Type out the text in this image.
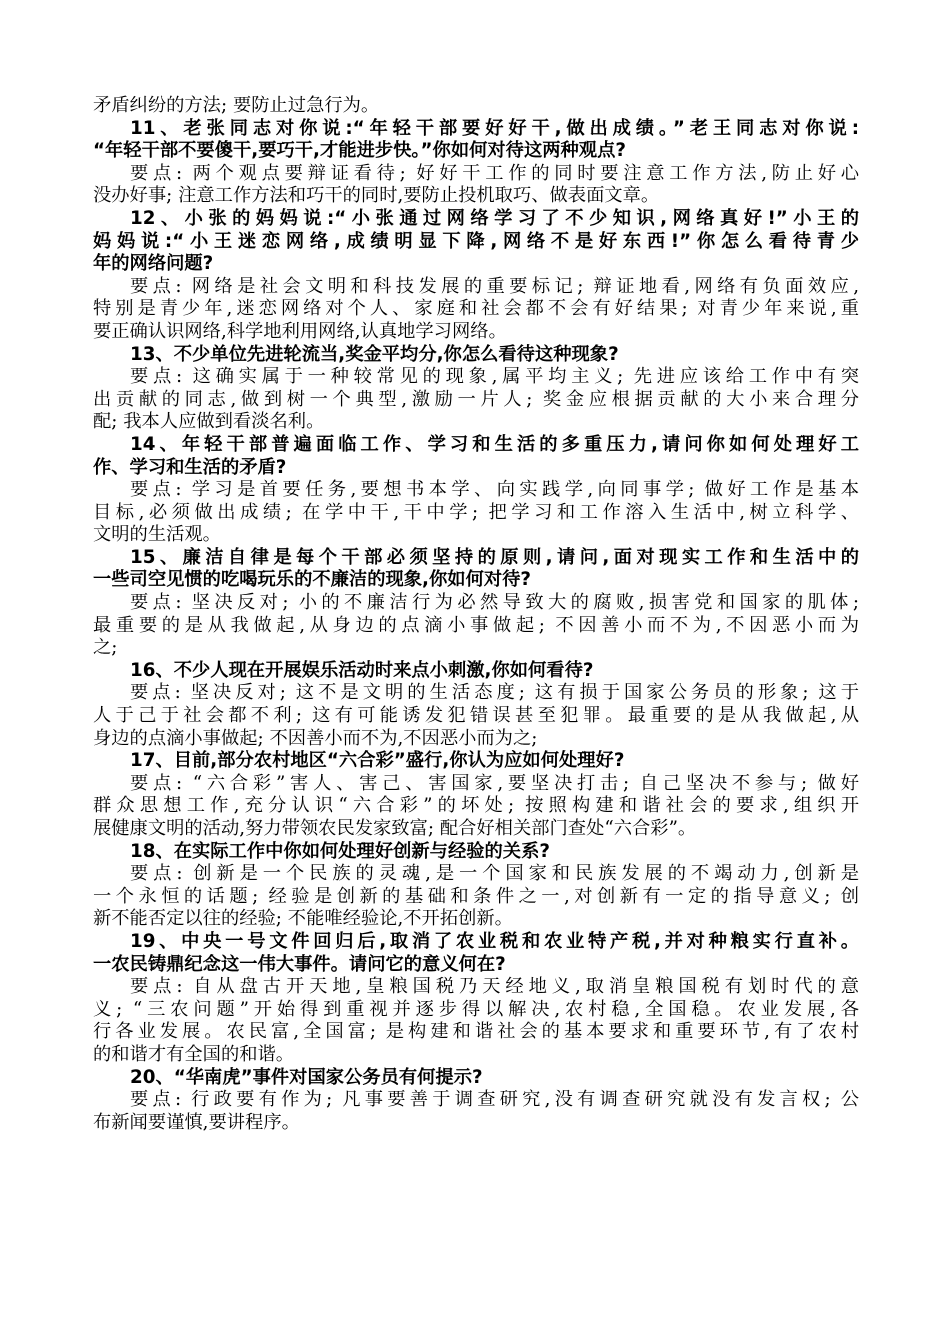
矛盾纠纷的方法; 要防止过急行为。
11、老张同志对你说:“年轻干部要好好干,做出成绩。”老王同志对你说:
“年轻干部不要傻干,要巧干,才能进步快。”你如何对待这两种观点?
要点: 两个观点要辩证看待; 好好干工作的同时要注意工作方法,防止好心
没办好事; 注意工作方法和巧干的同时,要防止投机取巧、做表面文章。
12、小张的妈妈说:“小张通过网络学习了不少知识,网络真好!”小王的
妈妈说:“小王迷恋网络,成绩明显下降,网络不是好东西!”你怎么看待青少
年的网络问题?
要点: 网络是社会文明和科技发展的重要标记; 辩证地看,网络有负面效应,
特别是青少年,迷恋网络对个人、家庭和社会都不会有好结果; 对青少年来说,重
要正确认识网络,科学地利用网络,认真地学习网络。
13、不少单位先进轮流当,奖金平均分,你怎么看待这种现象?
要点: 这确实属于一种较常见的现象,属平均主义; 先进应该给工作中有突
出贡献的同志,做到树一个典型,激励一片人; 奖金应根据贡献的大小来合理分
配; 我本人应做到看淡名利。
14、年轻干部普遍面临工作、学习和生活的多重压力,请问你如何处理好工
作、学习和生活的矛盾?
要点: 学习是首要任务,要想书本学、向实践学,向同事学; 做好工作是基本
目标,必须做出成绩; 在学中干,干中学; 把学习和工作溶入生活中,树立科学、
文明的生活观。
15、廉洁自律是每个干部必须坚持的原则,请问,面对现实工作和生活中的
一些司空见惯的吃喝玩乐的不廉洁的现象,你如何对待?
要点: 坚决反对; 小的不廉洁行为必然导致大的腐败,损害党和国家的肌体;
最重要的是从我做起,从身边的点滴小事做起; 不因善小而不为,不因恶小而为
之;
16、不少人现在开展娱乐活动时来点小刺激,你如何看待?
要点: 坚决反对; 这不是文明的生活态度; 这有损于国家公务员的形象; 这于
人于己于社会都不利; 这有可能诱发犯错误甚至犯罪。最重要的是从我做起,从
身边的点滴小事做起; 不因善小而不为,不因恶小而为之;
17、目前,部分农村地区“六合彩”盛行,你认为应如何处理好?
要点: “六合彩”害人、害己、害国家,要坚决打击; 自己坚决不参与; 做好
群众思想工作,充分认识“六合彩”的坏处; 按照构建和谐社会的要求,组织开
展健康文明的活动,努力带领农民发家致富; 配合好相关部门查处“六合彩”。
18、在实际工作中你如何处理好创新与经验的关系?
要点: 创新是一个民族的灵魂,是一个国家和民族发展的不竭动力,创新是
一个永恒的话题; 经验是创新的基础和条件之一,对创新有一定的指导意义; 创
新不能否定以往的经验; 不能唯经验论,不开拓创新。
19、中央一号文件回归后,取消了农业税和农业特产税,并对种粮实行直补。
一农民铸鼎纪念这一伟大事件。请问它的意义何在?
要点: 自从盘古开天地,皇粮国税乃天经地义,取消皇粮国税有划时代的意
义; “三农问题”开始得到重视并逐步得以解决,农村稳,全国稳。农业发展,各
行各业发展。农民富,全国富; 是构建和谐社会的基本要求和重要环节,有了农村
的和谐才有全国的和谐。
20、“华南虎”事件对国家公务员有何提示?
要点: 行政要有作为; 凡事要善于调查研究,没有调查研究就没有发言权; 公
布新闻要谨慎,要讲程序。
